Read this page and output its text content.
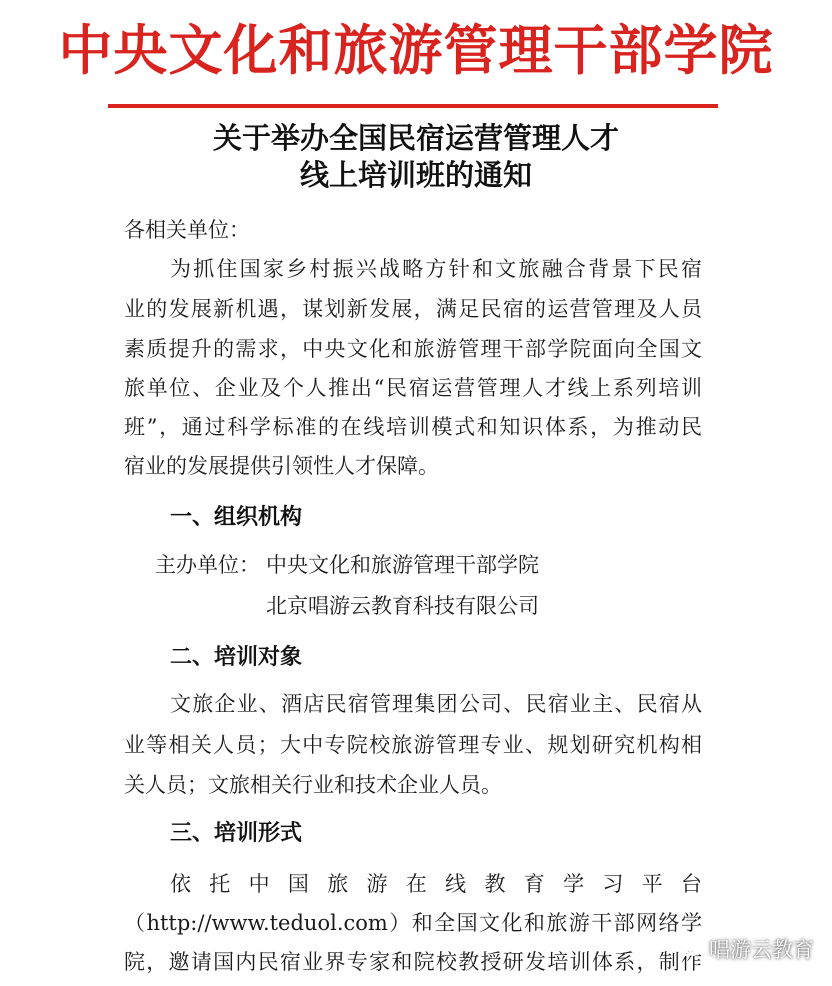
中央文化和旅游管理干部学院
关于举办全国民宿运营管理人才
线上培训班的通知
各相关单位：
为抓住国家乡村振兴战略方针和文旅融合背景下民宿
业的发展新机遇，谋划新发展，满足民宿的运营管理及人员
素质提升的需求，中央文化和旅游管理干部学院面向全国文
旅单位、企业及个人推出“民宿运营管理人才线上系列培训
班”，通过科学标准的在线培训模式和知识体系，为推动民
宿业的发展提供引领性人才保障。
一、组织机构
主办单位： 中央文化和旅游管理干部学院
北京唱游云教育科技有限公司
二、培训对象
文旅企业、酒店民宿管理集团公司、民宿业主、民宿从
业等相关人员；大中专院校旅游管理专业、规划研究机构相
关人员；文旅相关行业和技术企业人员。
三、培训形式
依托中国旅游在线教育学习平台
（http://www.teduol.com）和全国文化和旅游干部网络学
院，邀请国内民宿业界专家和院校教授研发培训体系，制作 唱游云教育
